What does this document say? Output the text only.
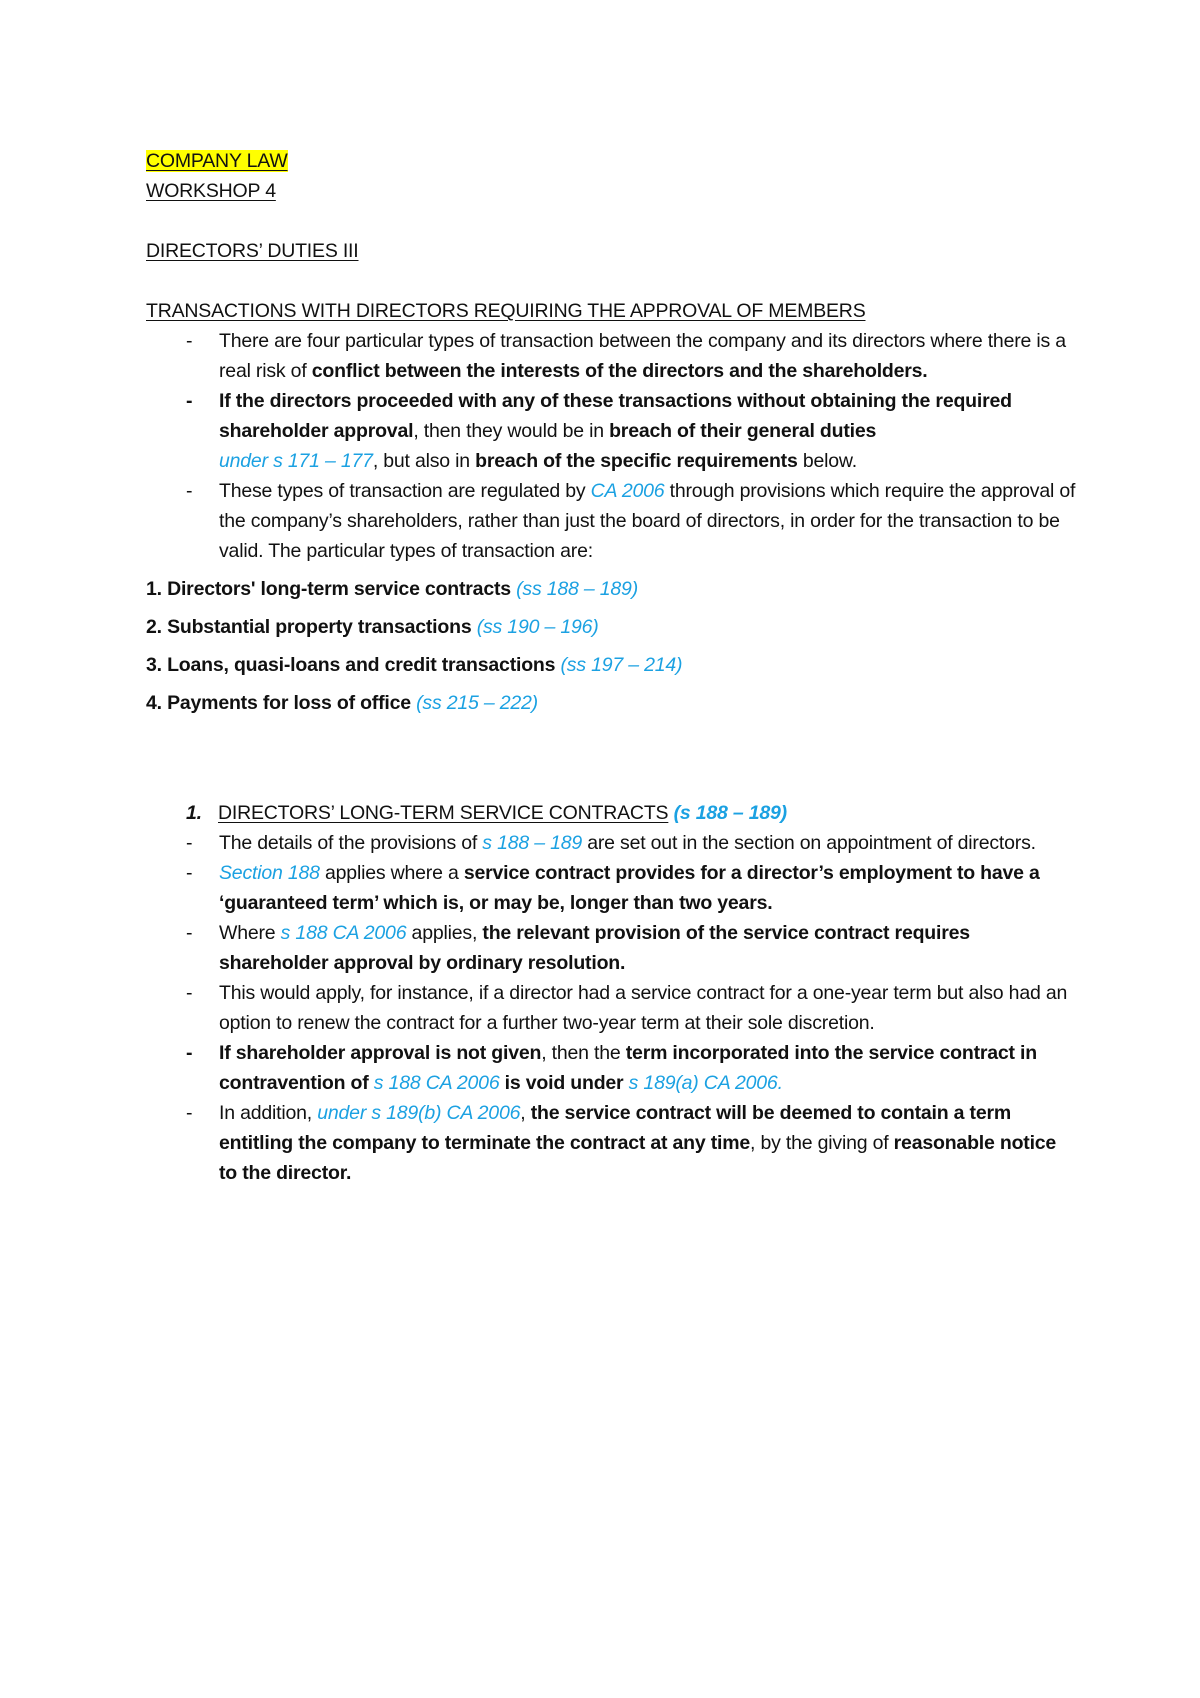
COMPANY LAW

WORKSHOP 4

DIRECTORS’ DUTIES III

TRANSACTIONS WITH DIRECTORS REQUIRING THE APPROVAL OF MEMBERS

- There are four particular types of transaction between the company and its directors where there is a real risk of conflict between the interests of the directors and the shareholders.
- If the directors proceeded with any of these transactions without obtaining the required shareholder approval, then they would be in breach of their general duties
under s 171 – 177, but also in breach of the specific requirements below.
- These types of transaction are regulated by CA 2006 through provisions which require the approval of the company’s shareholders, rather than just the board of directors, in order for the transaction to be valid. The particular types of transaction are:

1. Directors' long-term service contracts (ss 188 – 189)

2. Substantial property transactions (ss 190 – 196)

3. Loans, quasi-loans and credit transactions (ss 197 – 214)

4. Payments for loss of office (ss 215 – 222)

1. DIRECTORS’ LONG-TERM SERVICE CONTRACTS (s 188 – 189)

- The details of the provisions of s 188 – 189 are set out in the section on appointment of directors.
- Section 188 applies where a service contract provides for a director’s employment to have a ‘guaranteed term’ which is, or may be, longer than two years.
- Where s 188 CA 2006 applies, the relevant provision of the service contract requires shareholder approval by ordinary resolution.
- This would apply, for instance, if a director had a service contract for a one-year term but also had an option to renew the contract for a further two-year term at their sole discretion.
- If shareholder approval is not given, then the term incorporated into the service contract in contravention of s 188 CA 2006 is void under s 189(a) CA 2006.
- In addition, under s 189(b) CA 2006, the service contract will be deemed to contain a term entitling the company to terminate the contract at any time, by the giving of reasonable notice to the director.
